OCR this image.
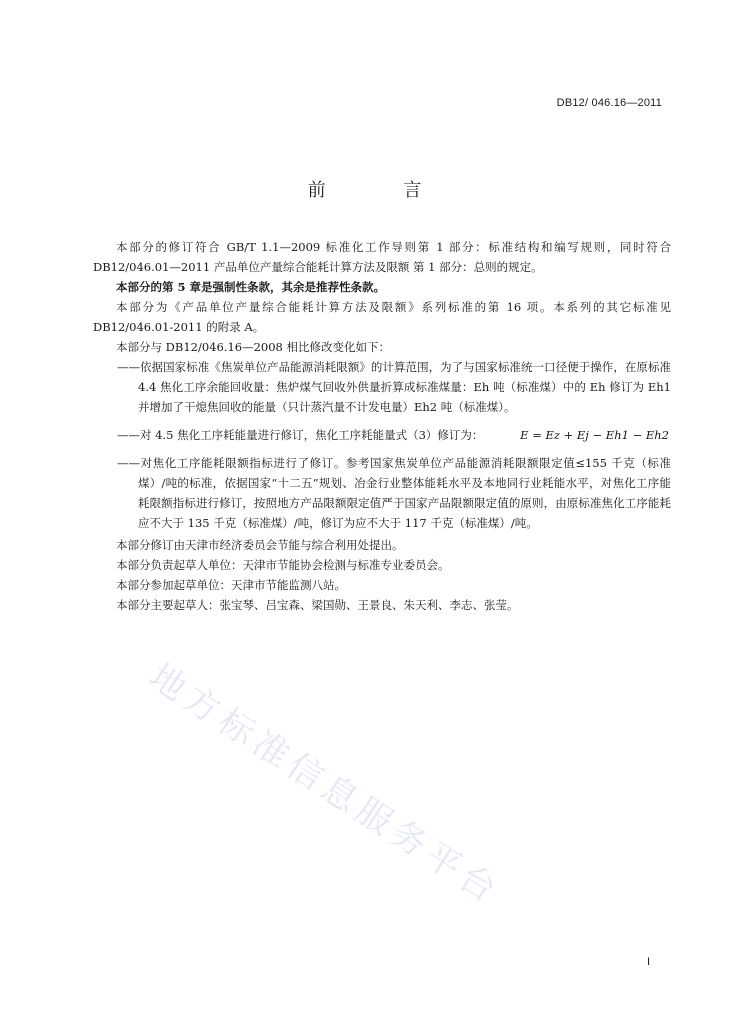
DB12/ 046.16—2011
前 言

本部分的修订符合 GB/T 1.1—2009 标准化工作导则第 1 部分：标准结构和编写规则，同时符合DB12/046.01—2011 产品单位产量综合能耗计算方法及限额 第 1 部分：总则的规定。

本部分的第 5 章是强制性条款，其余是推荐性条款。

本部分为《产品单位产量综合能耗计算方法及限额》系列标准的第 16 项。本系列的其它标准见DB12/046.01-2011 的附录 A。

本部分与 DB12/046.16—2008 相比修改变化如下：

——依据国家标准《焦炭单位产品能源消耗限额》的计算范围，为了与国家标准统一口径便于操作，在原标准 4.4 焦化工序余能回收量：焦炉煤气回收外供量折算成标准煤量：Eh 吨（标准煤）中的 Eh 修订为 Eh1 并增加了干熄焦回收的能量（只计蒸汽量不计发电量）Eh2 吨（标准煤）。
E = Ez + Ej − Eh1 − Eh2
——对 4.5 焦化工序耗能量进行修订，焦化工序耗能量式（3）修订为：
——对焦化工序能耗限额指标进行了修订。参考国家焦炭单位产品能源消耗限额限定值≤155 千克（标准煤）/吨的标准，依据国家“十二五”规划、冶金行业整体能耗水平及本地同行业耗能水平，对焦化工序能耗限额指标进行修订，按照地方产品限额限定值严于国家产品限额限定值的原则，由原标准焦化工序能耗应不大于 135 千克（标准煤）/吨，修订为应不大于 117 千克（标准煤）/吨。

本部分修订由天津市经济委员会节能与综合利用处提出。

本部分负责起草人单位：天津市节能协会检测与标准专业委员会。

本部分参加起草单位：天津市节能监测八站。

本部分主要起草人：张宝琴、吕宝森、梁国勋、王景良、朱天利、李志、张莹。

地方标准信息服务平台
I
